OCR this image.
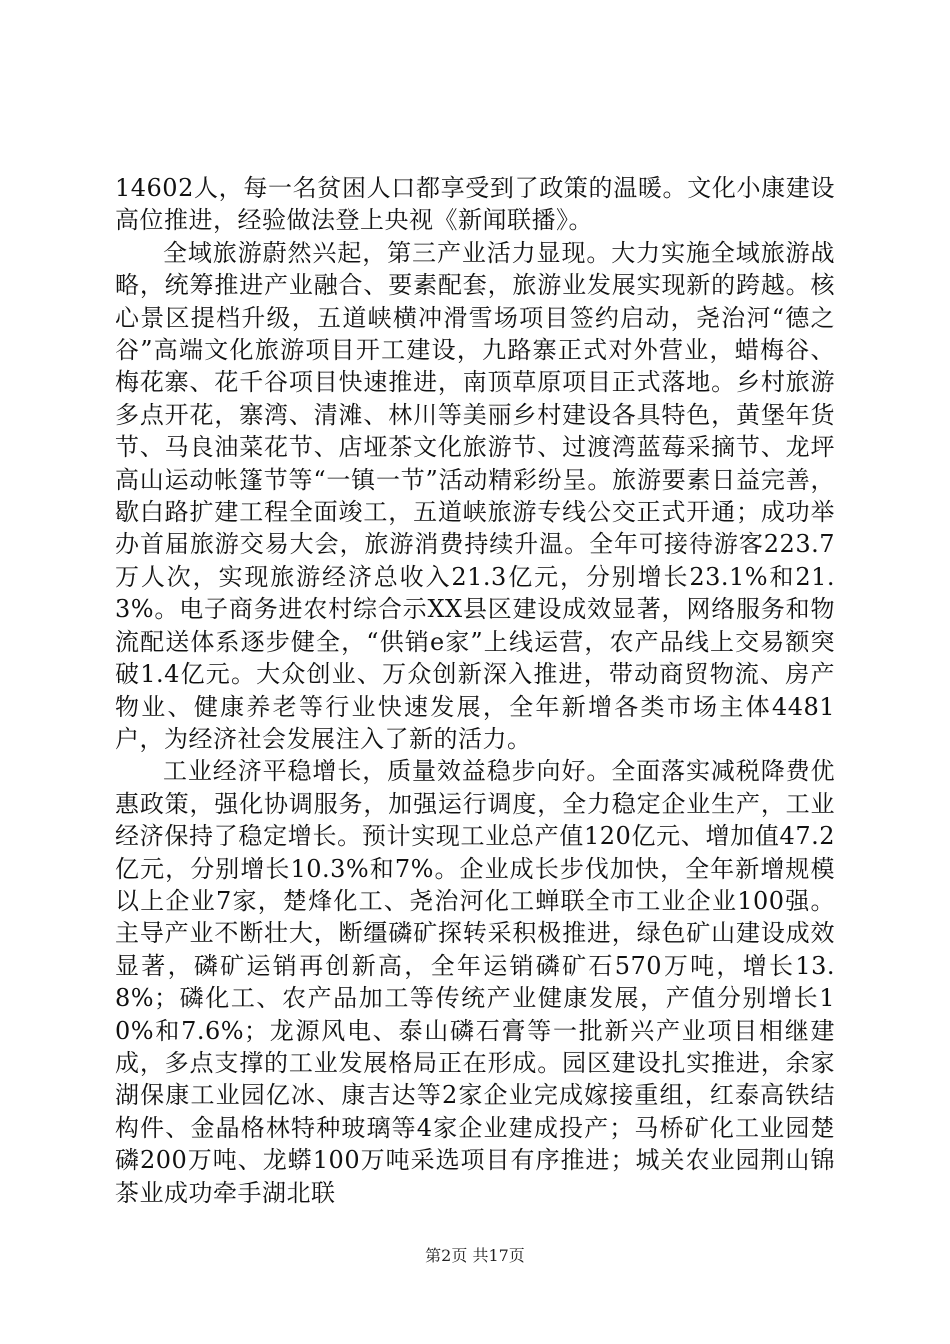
14602人，每一名贫困人口都享受到了政策的温暖。文化小康建设高位推进，经验做法登上央视《新闻联播》。

全域旅游蔚然兴起，第三产业活力显现。大力实施全域旅游战略，统筹推进产业融合、要素配套，旅游业发展实现新的跨越。核心景区提档升级，五道峡横冲滑雪场项目签约启动，尧治河“德之谷”高端文化旅游项目开工建设，九路寨正式对外营业，蜡梅谷、梅花寨、花千谷项目快速推进，南顶草原项目正式落地。乡村旅游多点开花，寨湾、清滩、林川等美丽乡村建设各具特色，黄堡年货节、马良油菜花节、店垭茶文化旅游节、过渡湾蓝莓采摘节、龙坪高山运动帐篷节等“一镇一节”活动精彩纷呈。旅游要素日益完善，歇白路扩建工程全面竣工，五道峡旅游专线公交正式开通；成功举办首届旅游交易大会，旅游消费持续升温。全年可接待游客223.7万人次，实现旅游经济总收入21.3亿元，分别增长23.1%和21.3%。电子商务进农村综合示XX县区建设成效显著，网络服务和物流配送体系逐步健全，“供销e家”上线运营，农产品线上交易额突破1.4亿元。大众创业、万众创新深入推进，带动商贸物流、房产物业、健康养老等行业快速发展，全年新增各类市场主体4481户，为经济社会发展注入了新的活力。

工业经济平稳增长，质量效益稳步向好。全面落实减税降费优惠政策，强化协调服务，加强运行调度，全力稳定企业生产，工业经济保持了稳定增长。预计实现工业总产值120亿元、增加值47.2亿元，分别增长10.3%和7%。企业成长步伐加快，全年新增规模以上企业7家，楚烽化工、尧治河化工蝉联全市工业企业100强。主导产业不断壮大，断缰磷矿探转采积极推进，绿色矿山建设成效显著，磷矿运销再创新高，全年运销磷矿石570万吨，增长13.8%；磷化工、农产品加工等传统产业健康发展，产值分别增长10%和7.6%；龙源风电、泰山磷石膏等一批新兴产业项目相继建成，多点支撑的工业发展格局正在形成。园区建设扎实推进，余家湖保康工业园亿冰、康吉达等2家企业完成嫁接重组，红泰高铁结构件、金晶格林特种玻璃等4家企业建成投产；马桥矿化工业园楚磷200万吨、龙蟒100万吨采选项目有序推进；城关农业园荆山锦茶业成功牵手湖北联

第2页 共17页
